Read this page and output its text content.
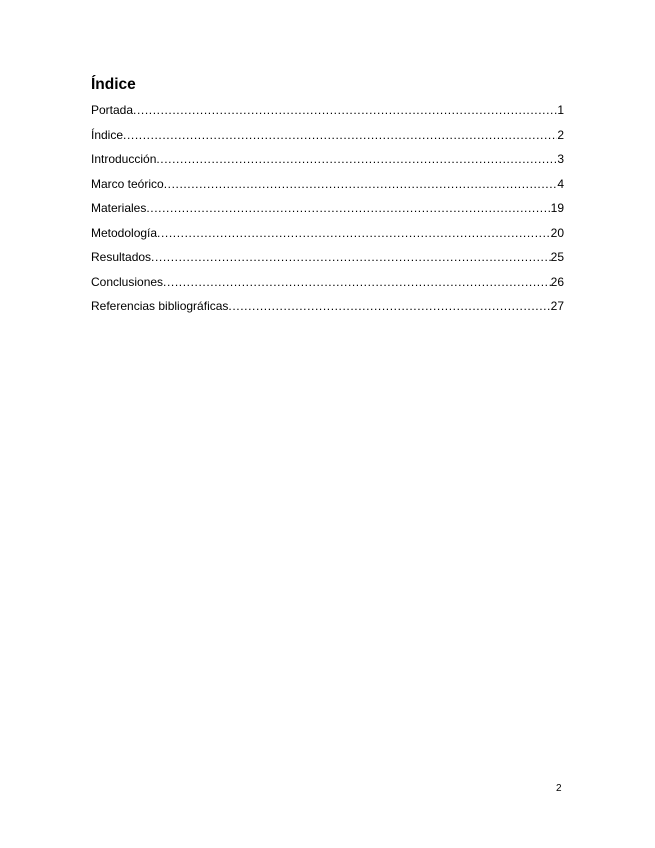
Índice
Portada .....	1
Índice .....	2
Introducción .....	3
Marco teórico .....	4
Materiales .....	19
Metodología .....	20
Resultados .....	25
Conclusiones .....	26
Referencias bibliográficas .....	27
2
